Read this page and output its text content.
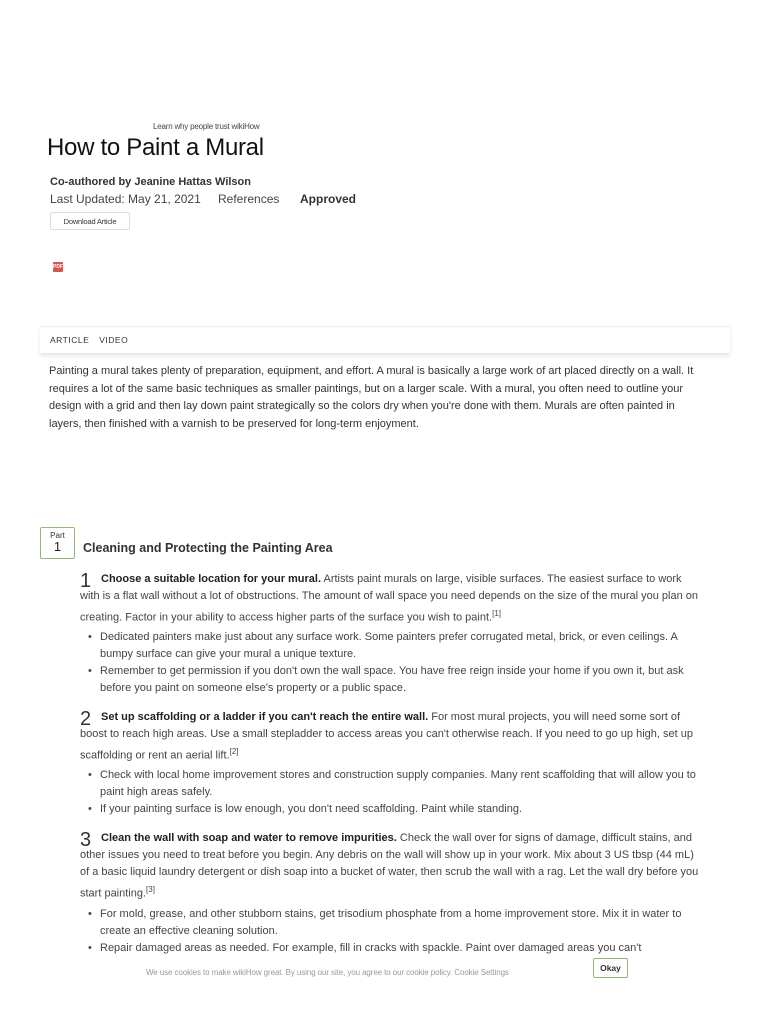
Learn why people trust wikiHow
How to Paint a Mural
Co-authored by Jeanine Hattas Wilson
Last Updated: May 21, 2021	References	Approved
Download Article
PDF
ARTICLE VIDEO

Painting a mural takes plenty of preparation, equipment, and effort. A mural is basically a large work of art placed directly on a wall. It requires a lot of the same basic techniques as smaller paintings, but on a larger scale. With a mural, you often need to outline your design with a grid and then lay down paint strategically so the colors dry when you're done with them. Murals are often painted in layers, then finished with a varnish to be preserved for long-term enjoyment.

Part
1	Cleaning and Protecting the Painting Area
1 Choose a suitable location for your mural. Artists paint murals on large, visible surfaces. The easiest surface to work with is a flat wall without a lot of obstructions. The amount of wall space you need depends on the size of the mural you plan on creating. Factor in your ability to access higher parts of the surface you wish to paint.[1]

• Dedicated painters make just about any surface work. Some painters prefer corrugated metal, brick, or even ceilings. A bumpy surface can give your mural a unique texture.
• Remember to get permission if you don't own the wall space. You have free reign inside your home if you own it, but ask before you paint on someone else's property or a public space.
2 Set up scaffolding or a ladder if you can't reach the entire wall. For most mural projects, you will need some sort of boost to reach high areas. Use a small stepladder to access areas you can't otherwise reach. If you need to go up high, set up scaffolding or rent an aerial lift.[2]

• Check with local home improvement stores and construction supply companies. Many rent scaffolding that will allow you to paint high areas safely.
• If your painting surface is low enough, you don't need scaffolding. Paint while standing.
3 Clean the wall with soap and water to remove impurities. Check the wall over for signs of damage, difficult stains, and other issues you need to treat before you begin. Any debris on the wall will show up in your work. Mix about 3 US tbsp (44 mL) of a basic liquid laundry detergent or dish soap into a bucket of water, then scrub the wall with a rag. Let the wall dry before you start painting.[3]

• For mold, grease, and other stubborn stains, get trisodium phosphate from a home improvement store. Mix it in water to create an effective cleaning solution.
• Repair damaged areas as needed. For example, fill in cracks with spackle. Paint over damaged areas you can't
We use cookies to make wikiHow great. By using our site, you agree to our cookie policy. Cookie Settings	Okay
